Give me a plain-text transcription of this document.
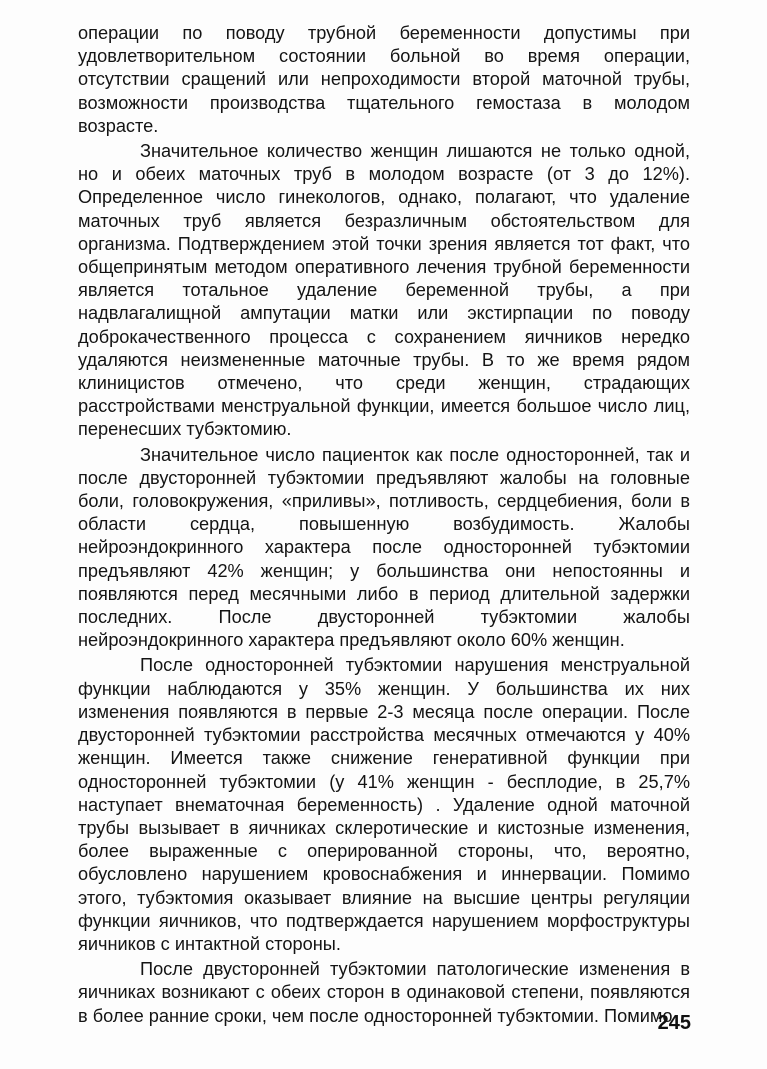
операции по поводу трубной беременности допустимы при удовлетворительном состоянии больной во время операции, отсутствии сращений или непроходимости второй маточной трубы, возможности производства тщательного гемостаза в молодом возрасте.

Значительное количество женщин лишаются не только одной, но и обеих маточных труб в молодом возрасте (от 3 до 12%). Определенное число гинекологов, однако, полагают, что удаление маточных труб является безразличным обстоятельством для организма. Подтверждением этой точки зрения является тот факт, что общепринятым методом оперативного лечения трубной беременности является тотальное удаление беременной трубы, а при надвлагалищной ампутации матки или экстирпации по поводу доброкачественного процесса с сохранением яичников нередко удаляются неизмененные маточные трубы. В то же время рядом клиницистов отмечено, что среди женщин, страдающих расстройствами менструальной функции, имеется большое число лиц, перенесших тубэктомию.

Значительное число пациенток как после односторонней, так и после двусторонней тубэктомии предъявляют жалобы на головные боли, головокружения, «приливы», потливость, сердцебиения, боли в области сердца, повышенную возбудимость. Жалобы нейроэндокринного характера после односторонней тубэктомии предъявляют 42% женщин; у большинства они непостоянны и появляются перед месячными либо в период длительной задержки последних. После двусторонней тубэктомии жалобы нейроэндокринного характера предъявляют около 60% женщин.

После односторонней тубэктомии нарушения менструальной функции наблюдаются у 35% женщин. У большинства их них изменения появляются в первые 2-3 месяца после операции. После двусторонней тубэктомии расстройства месячных отмечаются у 40% женщин. Имеется также снижение генеративной функции при односторонней тубэктомии (у 41% женщин - бесплодие, в 25,7% наступает внематочная беременность) . Удаление одной маточной трубы вызывает в яичниках склеротические и кистозные изменения, более выраженные с оперированной стороны, что, вероятно, обусловлено нарушением кровоснабжения и иннервации. Помимо этого, тубэктомия оказывает влияние на высшие центры регуляции функции яичников, что подтверждается нарушением морфоструктуры яичников с интактной стороны.

После двусторонней тубэктомии патологические изменения в яичниках возникают с обеих сторон в одинаковой степени, появляются в более ранние сроки, чем после односторонней тубэктомии. Помимо

245
